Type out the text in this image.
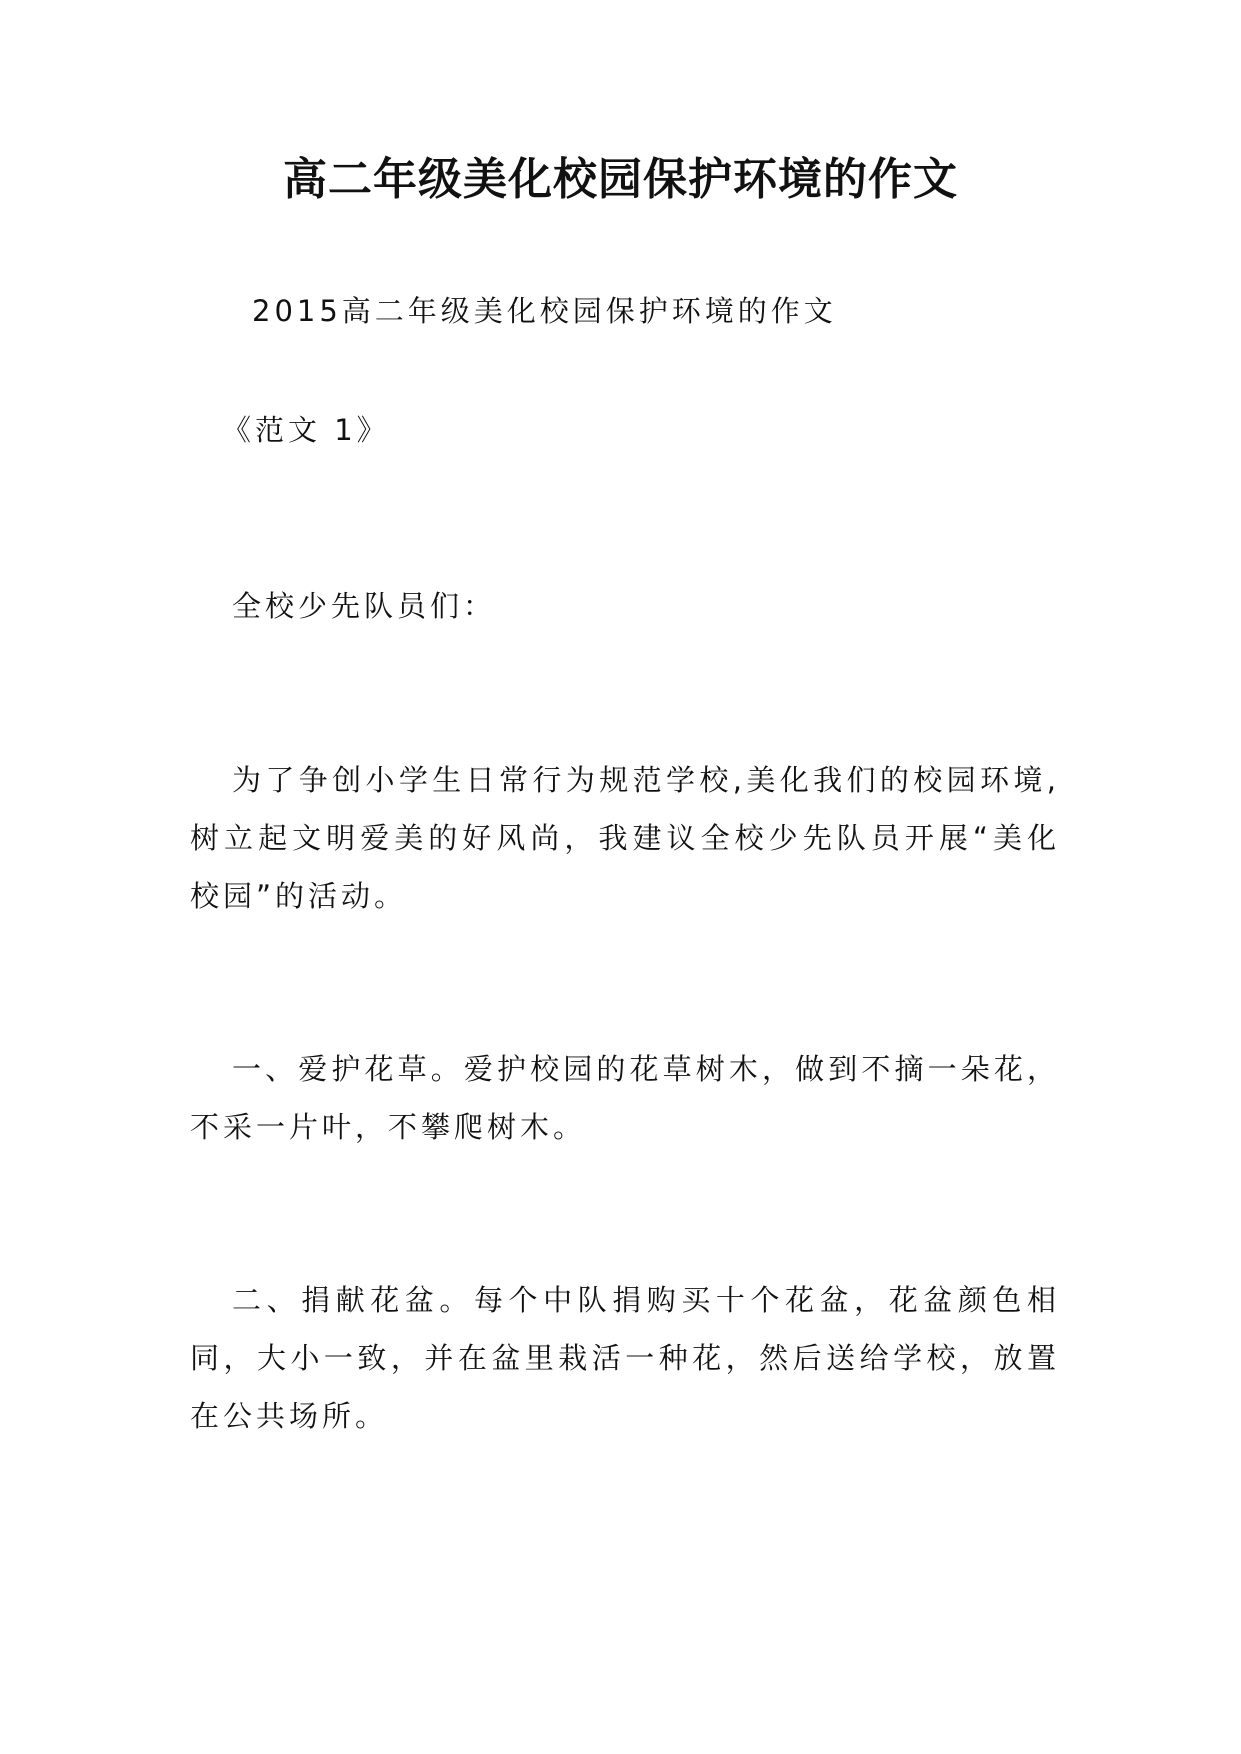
高二年级美化校园保护环境的作文
2015高二年级美化校园保护环境的作文
《范文 1》
全校少先队员们：

为了争创小学生日常行为规范学校,美化我们的校园环境,树立起文明爱美的好风尚，我建议全校少先队员开展“美化校园”的活动。

一、爱护花草。爱护校园的花草树木，做到不摘一朵花，不采一片叶，不攀爬树木。

二、捐献花盆。每个中队捐购买十个花盆，花盆颜色相同，大小一致，并在盆里栽活一种花，然后送给学校，放置在公共场所。
